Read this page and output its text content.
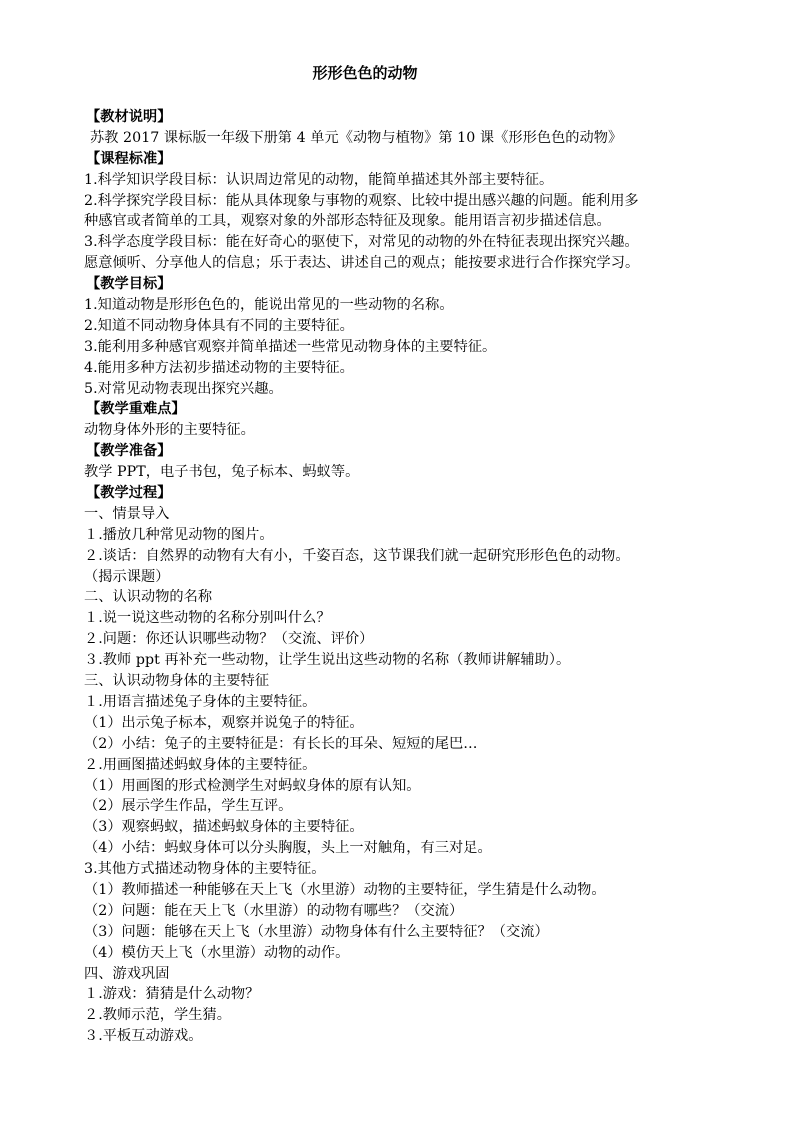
形形色色的动物
【教材说明】
苏教 2017 课标版一年级下册第 4 单元《动物与植物》第 10 课《形形色色的动物》
【课程标准】
1.科学知识学段目标：认识周边常见的动物，能简单描述其外部主要特征。
2.科学探究学段目标：能从具体现象与事物的观察、比较中提出感兴趣的问题。能利用多
种感官或者简单的工具，观察对象的外部形态特征及现象。能用语言初步描述信息。
3.科学态度学段目标：能在好奇心的驱使下，对常见的动物的外在特征表现出探究兴趣。
愿意倾听、分享他人的信息；乐于表达、讲述自己的观点；能按要求进行合作探究学习。
【教学目标】
1.知道动物是形形色色的，能说出常见的一些动物的名称。
2.知道不同动物身体具有不同的主要特征。
3.能利用多种感官观察并简单描述一些常见动物身体的主要特征。
4.能用多种方法初步描述动物的主要特征。
5.对常见动物表现出探究兴趣。
【教学重难点】
动物身体外形的主要特征。
【教学准备】
教学 PPT，电子书包，兔子标本、蚂蚁等。
【教学过程】
一、情景导入
１.播放几种常见动物的图片。
２.谈话：自然界的动物有大有小，千姿百态，这节课我们就一起研究形形色色的动物。
（揭示课题）
二、认识动物的名称
１.说一说这些动物的名称分别叫什么？
２.问题：你还认识哪些动物？（交流、评价）
３.教师 ppt 再补充一些动物，让学生说出这些动物的名称（教师讲解辅助）。
三、认识动物身体的主要特征
１.用语言描述兔子身体的主要特征。
（1）出示兔子标本，观察并说兔子的特征。
（2）小结：兔子的主要特征是：有长长的耳朵、短短的尾巴…
２.用画图描述蚂蚁身体的主要特征。
（1）用画图的形式检测学生对蚂蚁身体的原有认知。
（2）展示学生作品，学生互评。
（3）观察蚂蚁，描述蚂蚁身体的主要特征。
（4）小结：蚂蚁身体可以分头胸腹，头上一对触角，有三对足。
3.其他方式描述动物身体的主要特征。
（1）教师描述一种能够在天上飞（水里游）动物的主要特征，学生猜是什么动物。
（2）问题：能在天上飞（水里游）的动物有哪些？（交流）
（3）问题：能够在天上飞（水里游）动物身体有什么主要特征？（交流）
（4）模仿天上飞（水里游）动物的动作。
四、游戏巩固
１.游戏：猜猜是什么动物？
２.教师示范，学生猜。
３.平板互动游戏。
